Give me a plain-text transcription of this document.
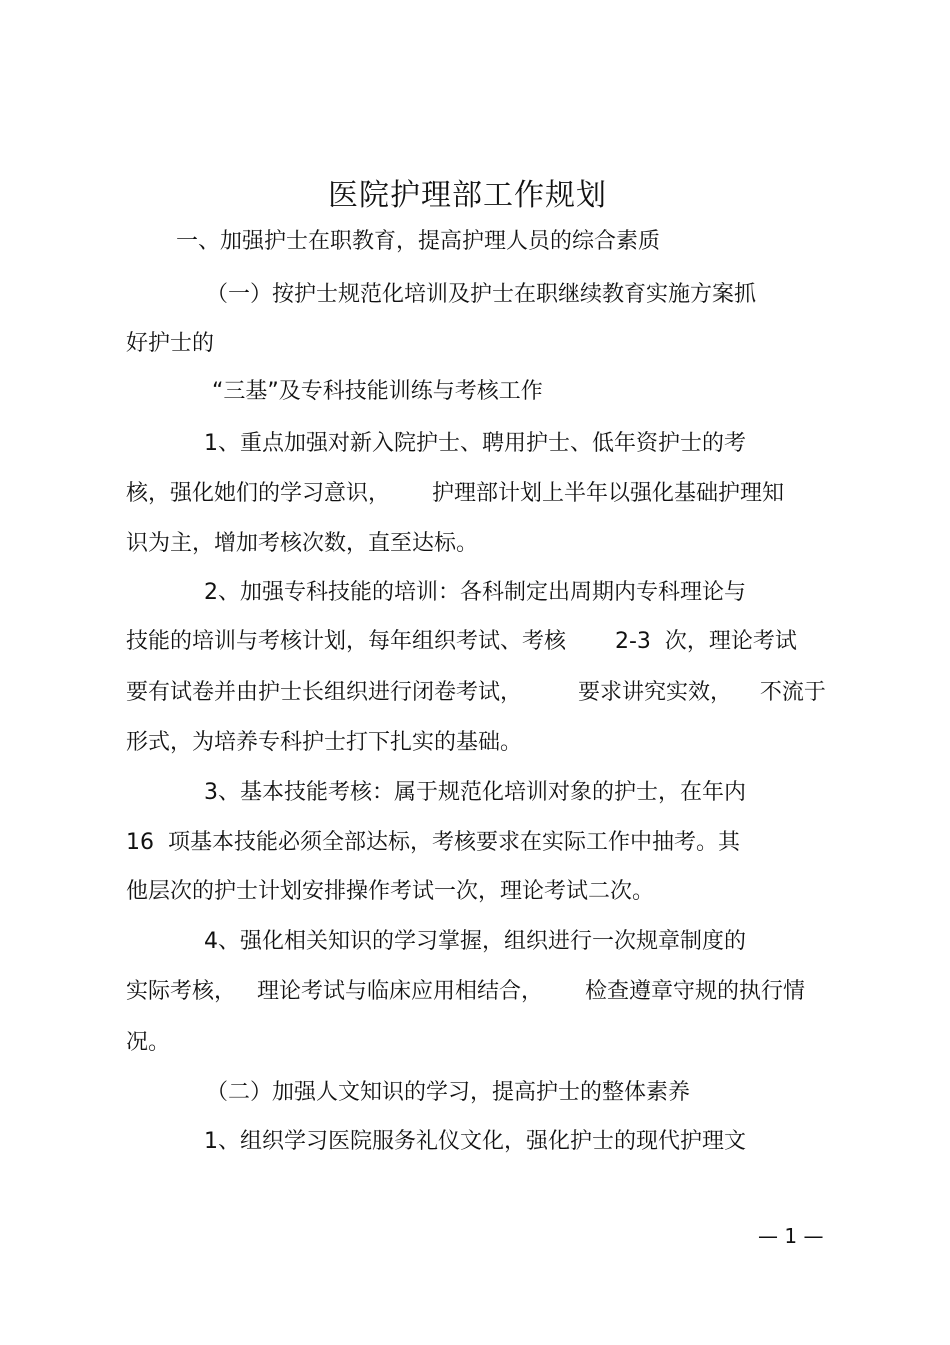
医院护理部工作规划
一、加强护士在职教育，提高护理人员的综合素质
（一）按护士规范化培训及护士在职继续教育实施方案抓
好护士的
“三基”及专科技能训练与考核工作
1、重点加强对新入院护士、聘用护士、低年资护士的考
核，强化她们的学习意识，      护理部计划上半年以强化基础护理知
识为主，增加考核次数，直至达标。
2、加强专科技能的培训：各科制定出周期内专科理论与
技能的培训与考核计划，每年组织考试、考核       2-3  次，理论考试
要有试卷并由护士长组织进行闭卷考试，        要求讲究实效，    不流于
形式，为培养专科护士打下扎实的基础。
3、基本技能考核：属于规范化培训对象的护士，在年内
16  项基本技能必须全部达标，考核要求在实际工作中抽考。其
他层次的护士计划安排操作考试一次，理论考试二次。
4、强化相关知识的学习掌握，组织进行一次规章制度的
实际考核，   理论考试与临床应用相结合，      检查遵章守规的执行情
况。
（二）加强人文知识的学习，提高护士的整体素养
1、组织学习医院服务礼仪文化，强化护士的现代护理文
— 1 —
